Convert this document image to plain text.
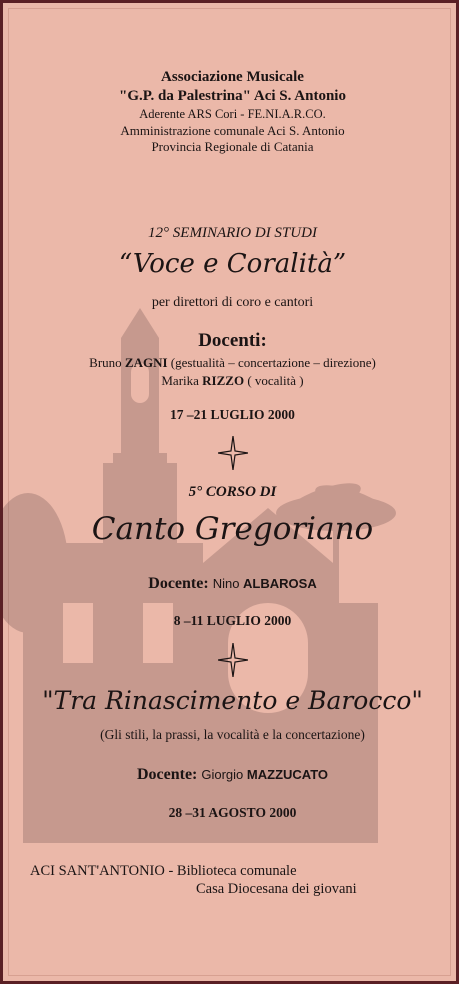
Associazione Musicale
"G.P. da Palestrina" Aci S. Antonio
Aderente ARS Cori - FE.NI.A.R.CO.
Amministrazione comunale Aci S. Antonio
Provincia Regionale di Catania
12° SEMINARIO DI STUDI
“Voce e Coralità”
per direttori di coro e cantori
Docenti:
Bruno ZAGNI (gestualità – concertazione – direzione)
Marika RIZZO ( vocalità )
17 –21 LUGLIO 2000
5° CORSO DI
Canto Gregoriano
Docente: Nino ALBAROSA
8 –11 LUGLIO 2000
"Tra Rinascimento e Barocco"
(Gli stili, la prassi, la vocalità e la concertazione)
Docente: Giorgio MAZZUCATO
28 –31 AGOSTO 2000
ACI SANT'ANTONIO - Biblioteca comunale
Casa Diocesana dei giovani
